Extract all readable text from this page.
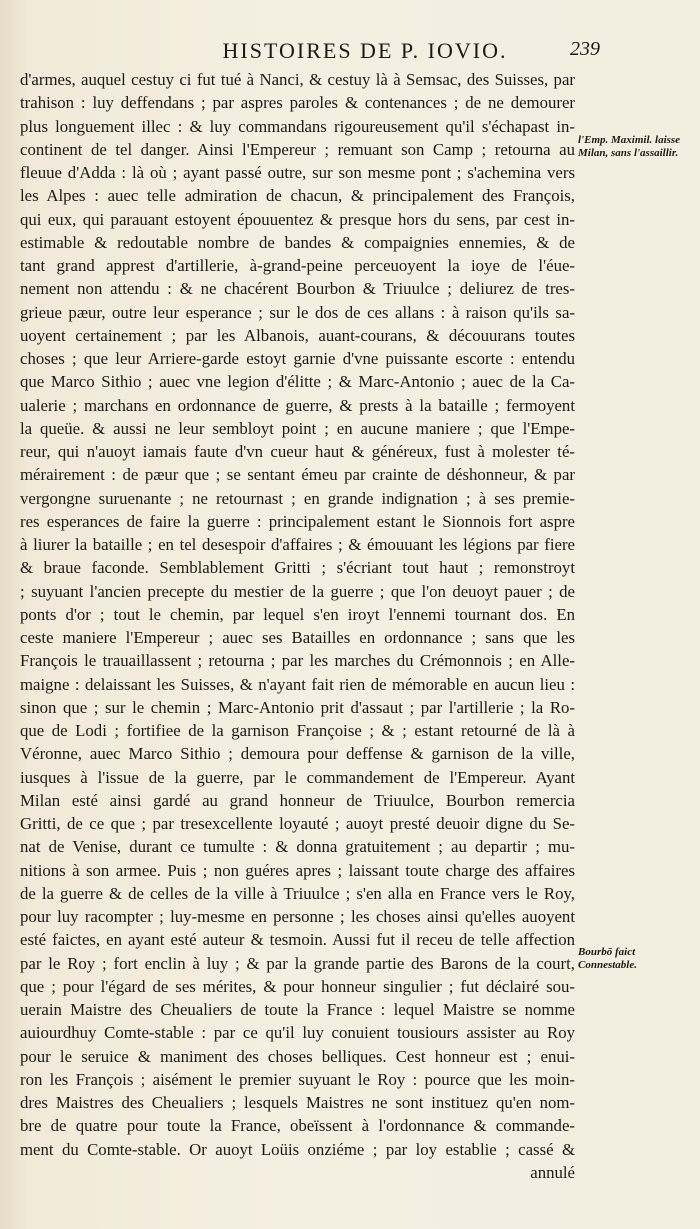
HISTOIRES DE P. IOVIO.	239
d'armes, auquel cestuy ci fut tué à Nanci, & cestuy là à Semsac, des Suisses, par
trahison : luy deffendans ; par aspres paroles & contenances ; de ne demourer
plus longuement illec : & luy commandans rigoureusement qu'il s'échapast in-
continent de tel danger. Ainsi l'Empereur ; remuant son Camp ; retourna au
fleuue d'Adda : là où ; ayant passé outre, sur son mesme pont ; s'achemina vers
les Alpes : auec telle admiration de chacun, & principalement des François,
qui eux, qui parauant estoyent épouuentez & presque hors du sens, par cest in-
estimable & redoutable nombre de bandes & compaignies ennemies, & de
tant grand apprest d'artillerie, à-grand-peine perceuoyent la ioye de l'éue-
nement non attendu : & ne chacérent Bourbon & Triuulce ; deliurez de tres-
grieue pæur, outre leur esperance ; sur le dos de ces allans : à raison qu'ils sa-
uoyent certainement ; par les Albanois, auant-courans, & découurans toutes
choses ; que leur Arriere-garde estoyt garnie d'vne puissante escorte : entendu
que Marco Sithio ; auec vne legion d'élitte ; & Marc-Antonio ; auec de la Ca-
ualerie ; marchans en ordonnance de guerre, & prests à la bataille ; fermoyent
la queüe. & aussi ne leur sembloyt point ; en aucune maniere ; que l'Empe-
reur, qui n'auoyt iamais faute d'vn cueur haut & généreux, fust à molester té-
mérairement : de pæur que ; se sentant émeu par crainte de déshonneur, & par
vergongne suruenante ; ne retournast ; en grande indignation ; à ses premie-
res esperances de faire la guerre : principalement estant le Sionnois fort aspre
à liurer la bataille ; en tel desespoir d'affaires ; & émouuant les légions par fiere
& braue faconde. Semblablement Gritti ; s'écriant tout haut ; remonstroyt
; suyuant l'ancien precepte du mestier de la guerre ; que l'on deuoyt pauer ; de
ponts d'or ; tout le chemin, par lequel s'en iroyt l'ennemi tournant dos. En
ceste maniere l'Empereur ; auec ses Batailles en ordonnance ; sans que les
François le trauaillassent ; retourna ; par les marches du Crémonnois ; en Alle-
maigne : delaissant les Suisses, & n'ayant fait rien de mémorable en aucun lieu :
sinon que ; sur le chemin ; Marc-Antonio prit d'assaut ; par l'artillerie ; la Ro-
que de Lodi ; fortifiee de la garnison Françoise ; & ; estant retourné de là à
Véronne, auec Marco Sithio ; demoura pour deffense & garnison de la ville,
iusques à l'issue de la guerre, par le commandement de l'Empereur. Ayant
Milan esté ainsi gardé au grand honneur de Triuulce, Bourbon remercia
Gritti, de ce que ; par tresexcellente loyauté ; auoyt presté deuoir digne du Se-
nat de Venise, durant ce tumulte : & donna gratuitement ; au departir ; mu-
nitions à son armee. Puis ; non guéres apres ; laissant toute charge des affaires
de la guerre & de celles de la ville à Triuulce ; s'en alla en France vers le Roy,
pour luy racompter ; luy-mesme en personne ; les choses ainsi qu'elles auoyent
esté faictes, en ayant esté auteur & tesmoin. Aussi fut il receu de telle affection
par le Roy ; fort enclin à luy ; & par la grande partie des Barons de la court,
que ; pour l'égard de ses mérites, & pour honneur singulier ; fut déclairé sou-
uerain Maistre des Cheualiers de toute la France : lequel Maistre se nomme
auiourdhuy Comte-stable : par ce qu'il luy conuient tousiours assister au Roy
pour le seruice & maniment des choses belliques. Cest honneur est ; enui-
ron les François ; aisément le premier suyuant le Roy : pource que les moin-
dres Maistres des Cheualiers ; lesquels Maistres ne sont instituez qu'en nom-
bre de quatre pour toute la France, obeïssent à l'ordonnance & commande-
ment du Comte-stable. Or auoyt Loüis onziéme ; par loy establie ; cassé &
annulé
l'Emp. Maximil. laisse Milan, sans l'assaillir.
Bourbō faict Connestable.
